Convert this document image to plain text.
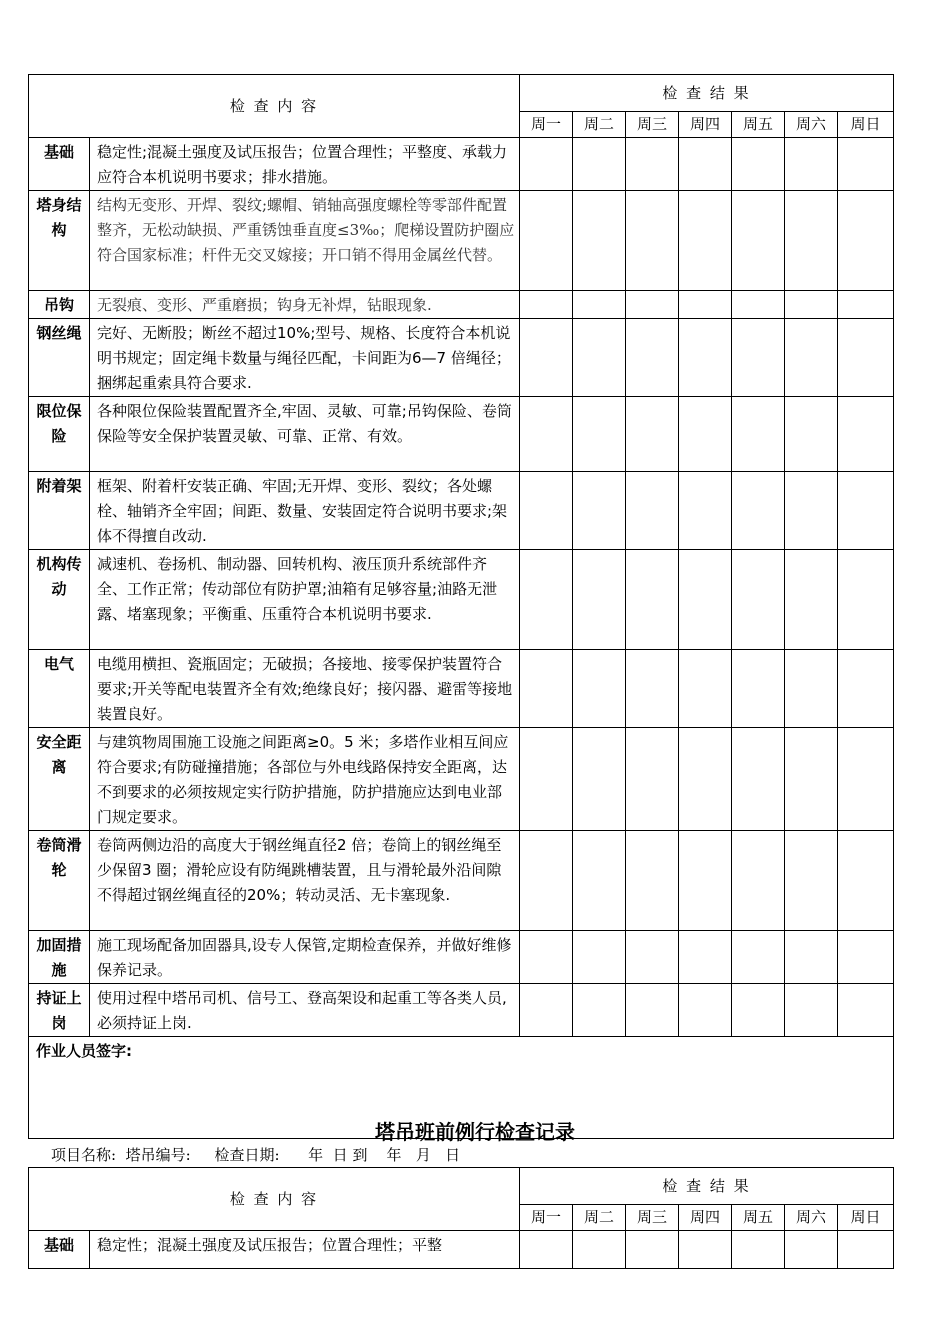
检 查 内 容		检 查 结 果						
		周一	周二	周三	周四	周五	周六	周日
基础	稳定性;混凝土强度及试压报告；位置合理性；平整度、承载力应符合本机说明书要求；排水措施。							
塔身结构	结构无变形、开焊、裂纹;螺帽、销轴高强度螺栓等零部件配置整齐，无松动缺损、严重锈蚀垂直度≤3‰；爬梯设置防护圈应符合国家标准；杆件无交叉嫁接；开口销不得用金属丝代替。							
吊钩	无裂痕、变形、严重磨损；钩身无补焊，钻眼现象.							
钢丝绳	完好、无断股；断丝不超过10%;型号、规格、长度符合本机说明书规定；固定绳卡数量与绳径匹配，卡间距为6—7 倍绳径；捆绑起重索具符合要求.							
限位保险	各种限位保险装置配置齐全,牢固、灵敏、可靠;吊钩保险、卷筒保险等安全保护装置灵敏、可靠、正常、有效。							
附着架	框架、附着杆安装正确、牢固;无开焊、变形、裂纹；各处螺栓、轴销齐全牢固；间距、数量、安装固定符合说明书要求;架体不得擅自改动.							
机构传动	减速机、卷扬机、制动器、回转机构、液压顶升系统部件齐全、工作正常；传动部位有防护罩;油箱有足够容量;油路无泄露、堵塞现象；平衡重、压重符合本机说明书要求.							
电气	电缆用横担、瓷瓶固定；无破损；各接地、接零保护装置符合要求;开关等配电装置齐全有效;绝缘良好；接闪器、避雷等接地装置良好。							
安全距离	与建筑物周围施工设施之间距离≥0。5 米；多塔作业相互间应符合要求;有防碰撞措施；各部位与外电线路保持安全距离，达不到要求的必须按规定实行防护措施，防护措施应达到电业部门规定要求。							
卷筒滑轮	卷筒两侧边沿的高度大于钢丝绳直径2 倍；卷筒上的钢丝绳至少保留3 圈；滑轮应设有防绳跳槽装置，且与滑轮最外沿间隙不得超过钢丝绳直径的20%；转动灵活、无卡塞现象.							
加固措施	施工现场配备加固器具,设专人保管,定期检查保养，并做好维修保养记录。							
持证上岗	使用过程中塔吊司机、信号工、登高架设和起重工等各类人员,必须持证上岗.							
作业人员签字:								
塔吊班前例行检查记录
项目名称:  塔吊编号:     检查日期:      年  日 到    年   月   日
检 查 内 容		检 查 结 果						
		周一	周二	周三	周四	周五	周六	周日
基础	稳定性；混凝土强度及试压报告；位置合理性；平整							
